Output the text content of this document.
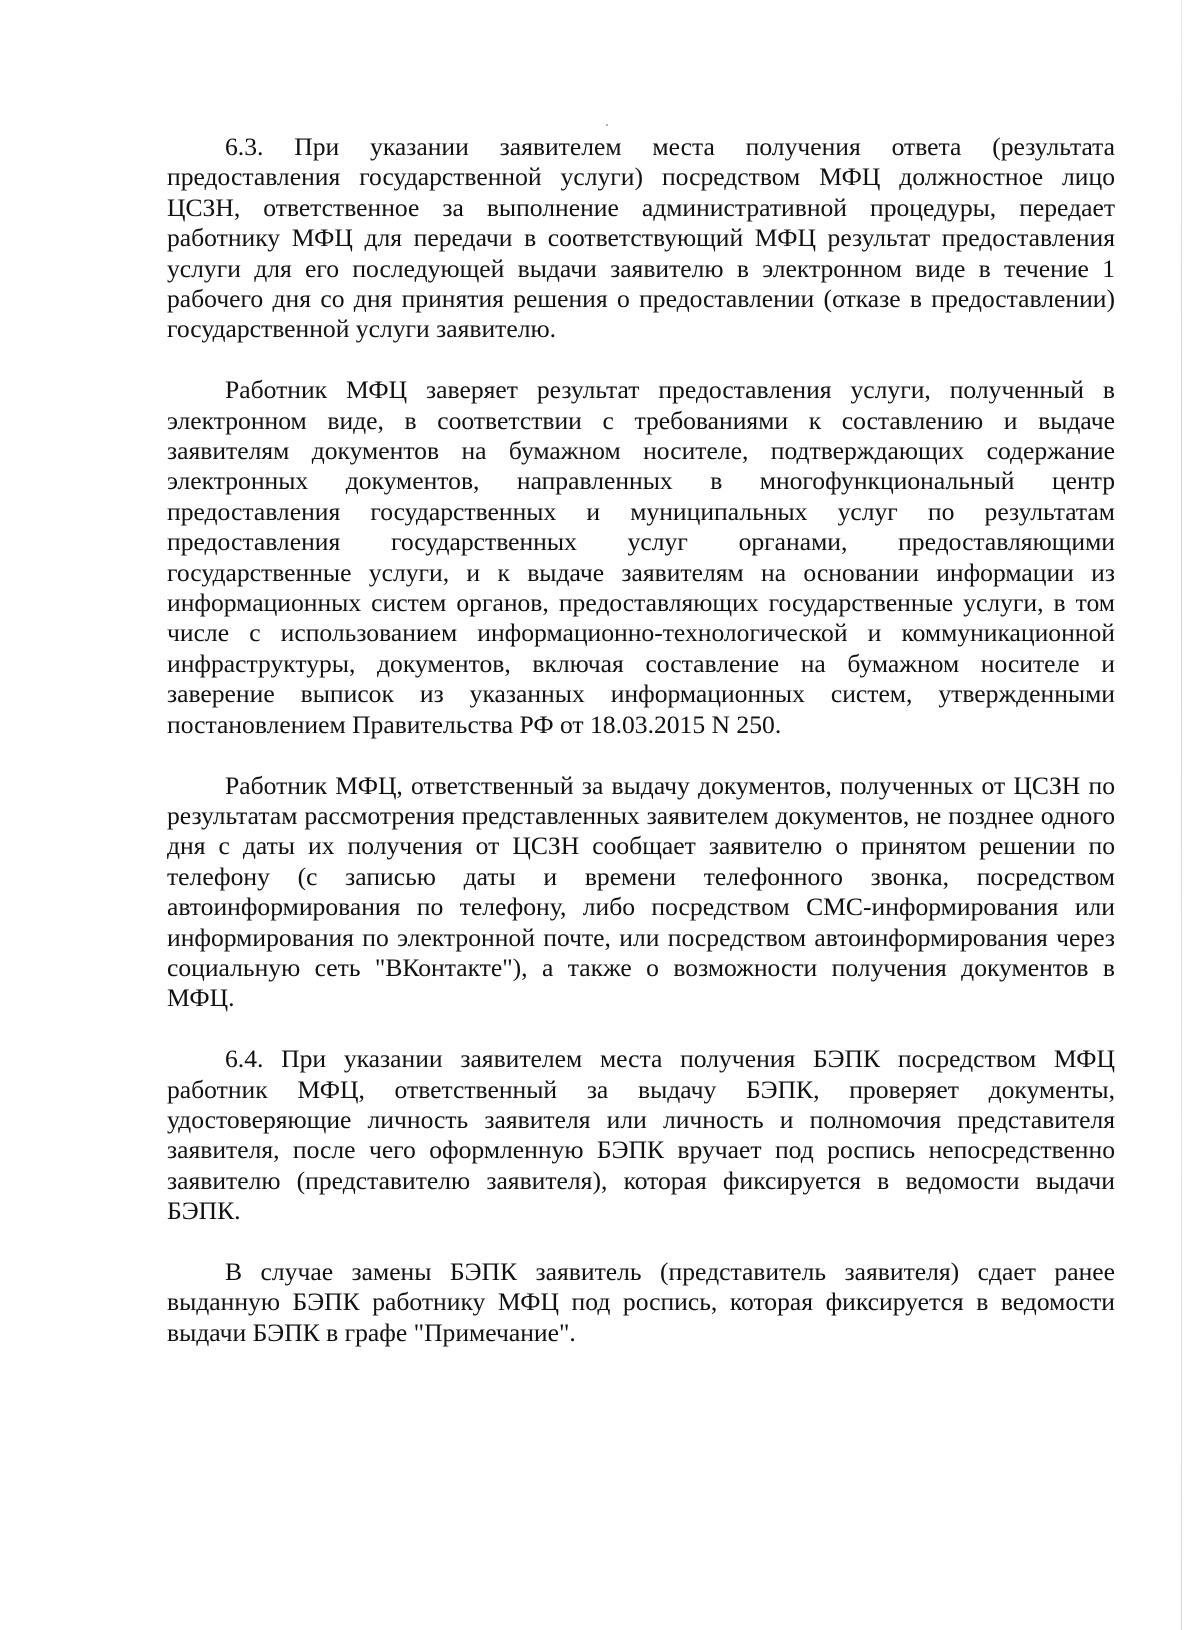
6.3. При указании заявителем места получения ответа (результата предоставления государственной услуги) посредством МФЦ должностное лицо ЦСЗН, ответственное за выполнение административной процедуры, передает работнику МФЦ для передачи в соответствующий МФЦ результат предоставления услуги для его последующей выдачи заявителю в электронном виде в течение 1 рабочего дня со дня принятия решения о предоставлении (отказе в предоставлении) государственной услуги заявителю.

Работник МФЦ заверяет результат предоставления услуги, полученный в электронном виде, в соответствии с требованиями к составлению и выдаче заявителям документов на бумажном носителе, подтверждающих содержание электронных документов, направленных в многофункциональный центр предоставления государственных и муниципальных услуг по результатам предоставления государственных услуг органами, предоставляющими государственные услуги, и к выдаче заявителям на основании информации из информационных систем органов, предоставляющих государственные услуги, в том числе с использованием информационно-технологической и коммуникационной инфраструктуры, документов, включая составление на бумажном носителе и заверение выписок из указанных информационных систем, утвержденными постановлением Правительства РФ от 18.03.2015 N 250.

Работник МФЦ, ответственный за выдачу документов, полученных от ЦСЗН по результатам рассмотрения представленных заявителем документов, не позднее одного дня с даты их получения от ЦСЗН сообщает заявителю о принятом решении по телефону (с записью даты и времени телефонного звонка, посредством автоинформирования по телефону, либо посредством СМС-информирования или информирования по электронной почте, или посредством автоинформирования через социальную сеть "ВКонтакте"), а также о возможности получения документов в МФЦ.

6.4. При указании заявителем места получения БЭПК посредством МФЦ работник МФЦ, ответственный за выдачу БЭПК, проверяет документы, удостоверяющие личность заявителя или личность и полномочия представителя заявителя, после чего оформленную БЭПК вручает под роспись непосредственно заявителю (представителю заявителя), которая фиксируется в ведомости выдачи БЭПК.

В случае замены БЭПК заявитель (представитель заявителя) сдает ранее выданную БЭПК работнику МФЦ под роспись, которая фиксируется в ведомости выдачи БЭПК в графе "Примечание".
